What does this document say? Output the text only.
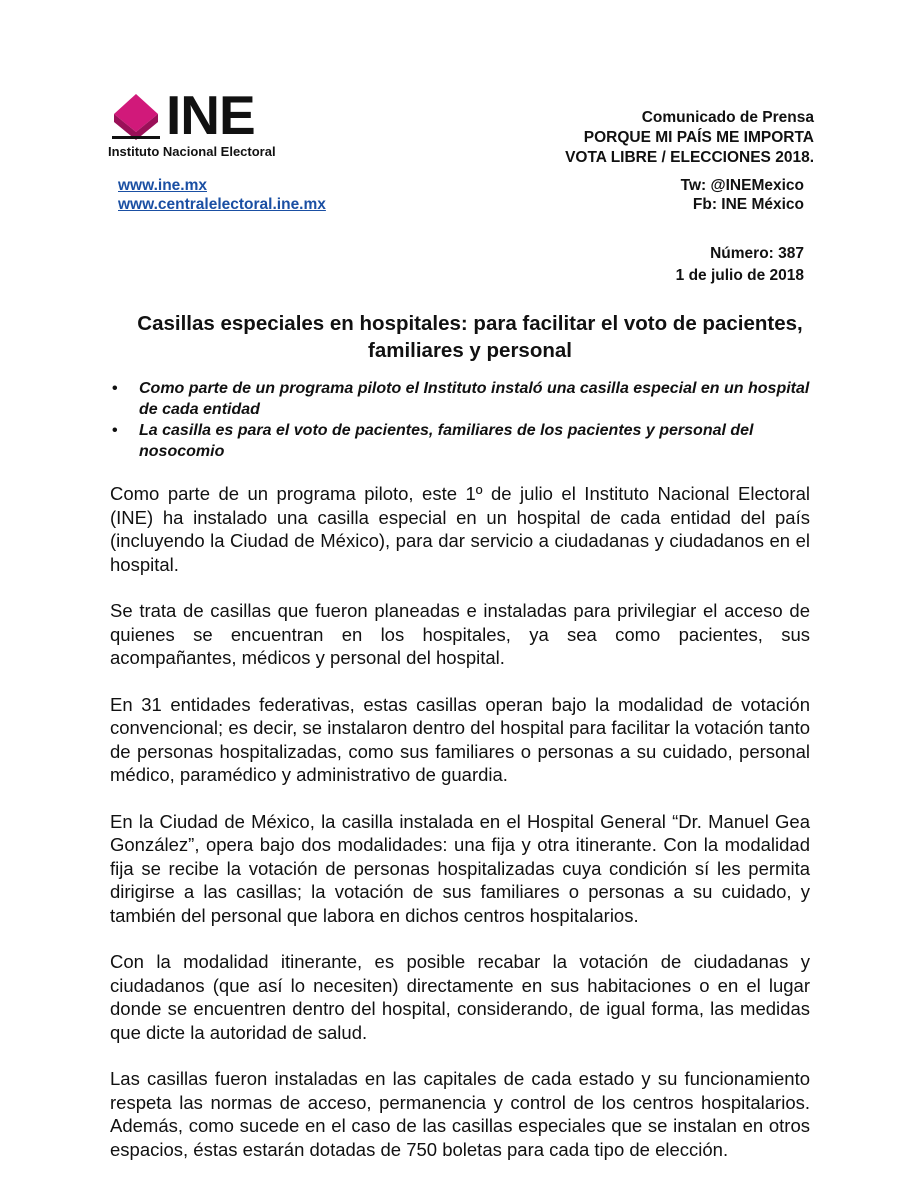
INE
Instituto Nacional Electoral
Comunicado de Prensa
PORQUE MI PAÍS ME IMPORTA
VOTA LIBRE / ELECCIONES 2018.
www.ine.mx
www.centralelectoral.ine.mx
Tw: @INEMexico
Fb: INE México
Número: 387
1 de julio de 2018
Casillas especiales en hospitales: para facilitar el voto de pacientes, familiares y personal
• Como parte de un programa piloto el Instituto instaló una casilla especial en un hospital de cada entidad
• La casilla es para el voto de pacientes, familiares de los pacientes y personal del nosocomio

Como parte de un programa piloto, este 1º de julio el Instituto Nacional Electoral (INE) ha instalado una casilla especial en un hospital de cada entidad del país (incluyendo la Ciudad de México), para dar servicio a ciudadanas y ciudadanos en el hospital.

Se trata de casillas que fueron planeadas e instaladas para privilegiar el acceso de quienes se encuentran en los hospitales, ya sea como pacientes, sus acompañantes, médicos y personal del hospital.

En 31 entidades federativas, estas casillas operan bajo la modalidad de votación convencional; es decir, se instalaron dentro del hospital para facilitar la votación tanto de personas hospitalizadas, como sus familiares o personas a su cuidado, personal médico, paramédico y administrativo de guardia.

En la Ciudad de México, la casilla instalada en el Hospital General “Dr. Manuel Gea González”, opera bajo dos modalidades: una fija y otra itinerante. Con la modalidad fija se recibe la votación de personas hospitalizadas cuya condición sí les permita dirigirse a las casillas; la votación de sus familiares o personas a su cuidado, y también del personal que labora en dichos centros hospitalarios.

Con la modalidad itinerante, es posible recabar la votación de ciudadanas y ciudadanos (que así lo necesiten) directamente en sus habitaciones o en el lugar donde se encuentren dentro del hospital, considerando, de igual forma, las medidas que dicte la autoridad de salud.

Las casillas fueron instaladas en las capitales de cada estado y su funcionamiento respeta las normas de acceso, permanencia y control de los centros hospitalarios. Además, como sucede en el caso de las casillas especiales que se instalan en otros espacios, éstas estarán dotadas de 750 boletas para cada tipo de elección.
